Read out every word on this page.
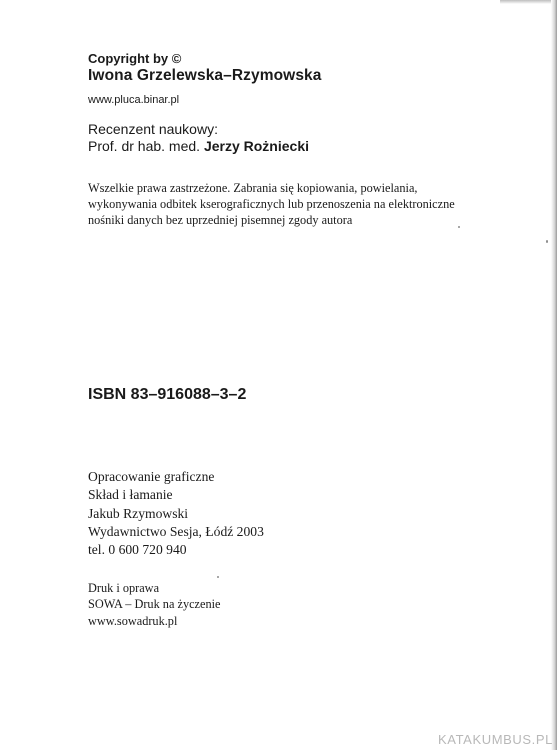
Copyright by ©
Iwona Grzelewska–Rzymowska
www.pluca.binar.pl
Recenzent naukowy:
Prof. dr hab. med. Jerzy Rożniecki
Wszelkie prawa zastrzeżone. Zabrania się kopiowania, powielania,
wykonywania odbitek kserograficznych lub przenoszenia na elektroniczne
nośniki danych bez uprzedniej pisemnej zgody autora
ISBN 83–916088–3–2
Opracowanie graficzne
Skład i łamanie
Jakub Rzymowski
Wydawnictwo Sesja, Łódź 2003
tel. 0 600 720 940
Druk i oprawa
SOWA – Druk na życzenie
www.sowadruk.pl
KATAKUMBUS.PL
